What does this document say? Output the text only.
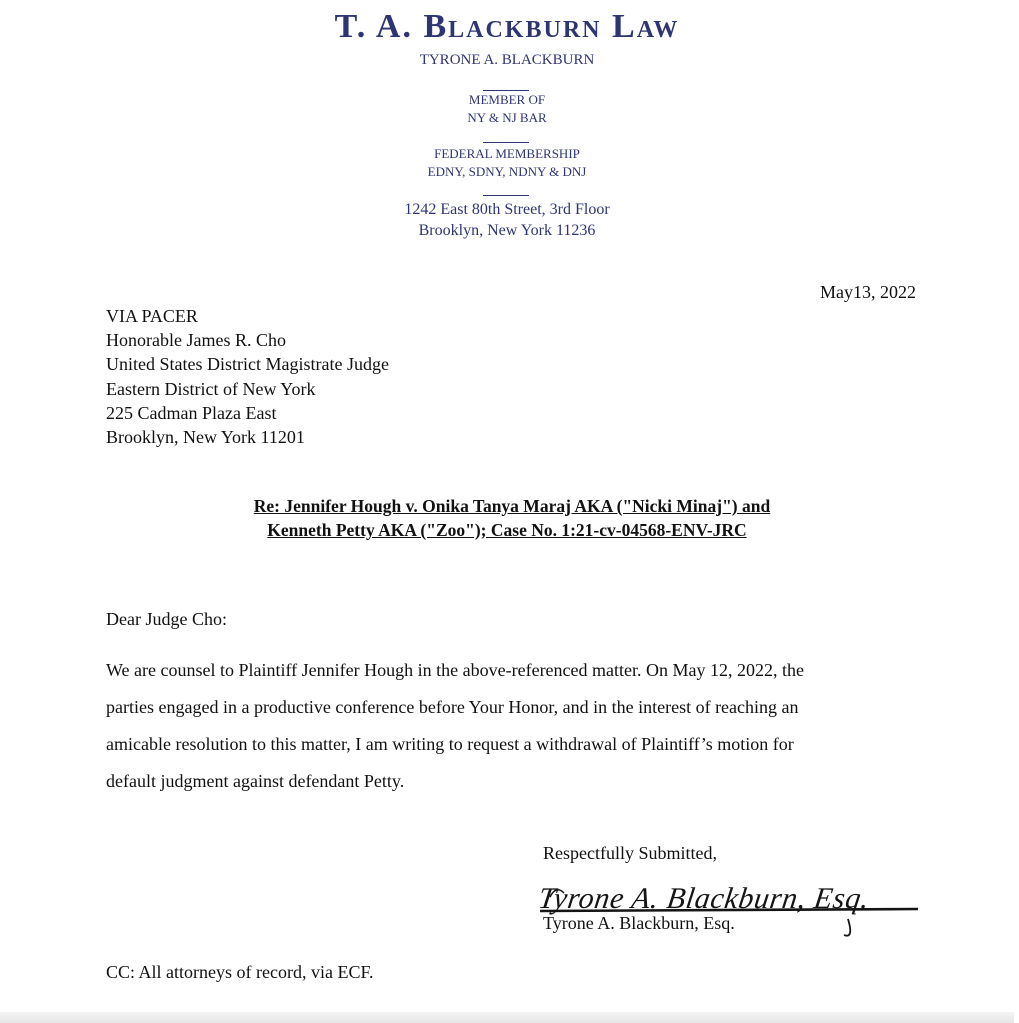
T. A. Blackburn Law
TYRONE A. BLACKBURN
MEMBER OF
NY & NJ BAR
FEDERAL MEMBERSHIP
EDNY, SDNY, NDNY & DNJ
1242 East 80th Street, 3rd Floor
Brooklyn, New York 11236
May13, 2022
VIA PACER
Honorable James R. Cho
United States District Magistrate Judge
Eastern District of New York
225 Cadman Plaza East
Brooklyn, New York 11201
Re: Jennifer Hough v. Onika Tanya Maraj AKA ("Nicki Minaj") and
Kenneth Petty AKA ("Zoo"); Case No. 1:21-cv-04568-ENV-JRC
Dear Judge Cho:
We are counsel to Plaintiff Jennifer Hough in the above-referenced matter. On May 12, 2022, the
parties engaged in a productive conference before Your Honor, and in the interest of reaching an
amicable resolution to this matter, I am writing to request a withdrawal of Plaintiff’s motion for
default judgment against defendant Petty.
Respectfully Submitted,
Tyrone A. Blackburn, Esq.
Tyrone A. Blackburn, Esq.
CC: All attorneys of record, via ECF.
